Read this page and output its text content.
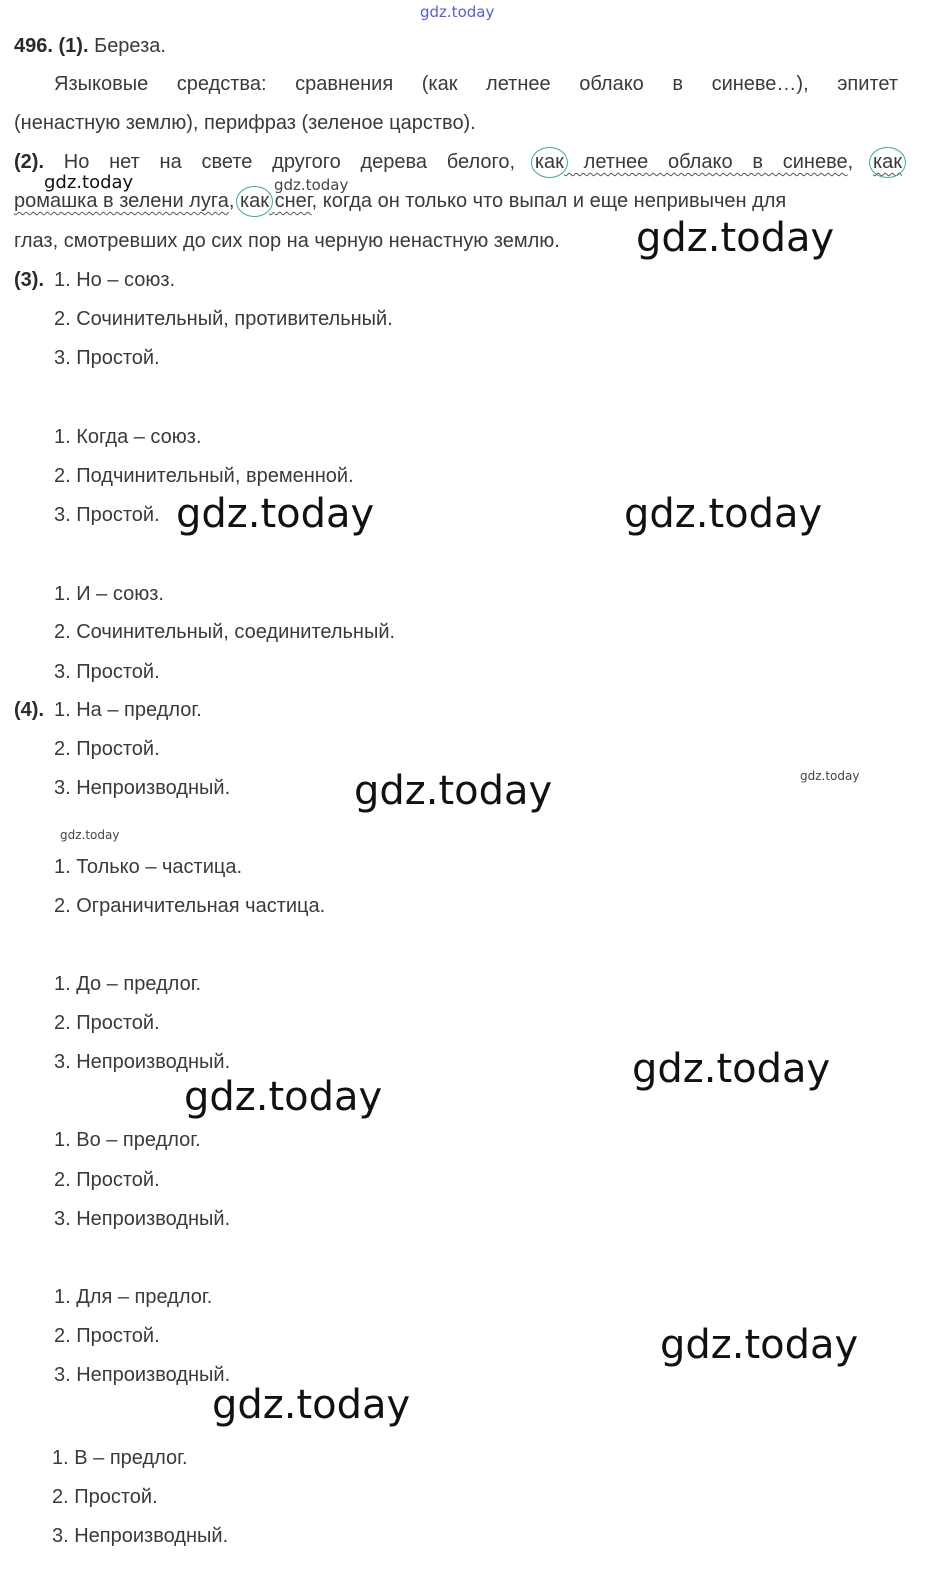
gdz.today
496. (1). Береза.
Языковые средства: сравнения (как летнее облако в синеве…), эпитет
(ненастную землю), перифраз (зеленое царство).
(2). Но нет на свете другого дерева белого, как летнее облако в синеве, как
ромашка в зелени луга, как снег, когда он только что выпал и еще непривычен для
глаз, смотревших до сих пор на черную ненастную землю.
(3). 1. Но – союз.
2. Сочинительный, противительный.
3. Простой.
1. Когда – союз.
2. Подчинительный, временной.
3. Простой.
1. И – союз.
2. Сочинительный, соединительный.
3. Простой.
(4). 1. На – предлог.
2. Простой.
3. Непроизводный.
1. Только – частица.
2. Ограничительная частица.
1. До – предлог.
2. Простой.
3. Непроизводный.
1. Во – предлог.
2. Простой.
3. Непроизводный.
1. Для – предлог.
2. Простой.
3. Непроизводный.
1. В – предлог.
2. Простой.
3. Непроизводный.
gdz.today	gdz.today
gdz.today
gdz.today	gdz.today
gdz.today	gdz.today
gdz.today
gdz.today
gdz.today
gdz.today
gdz.today
